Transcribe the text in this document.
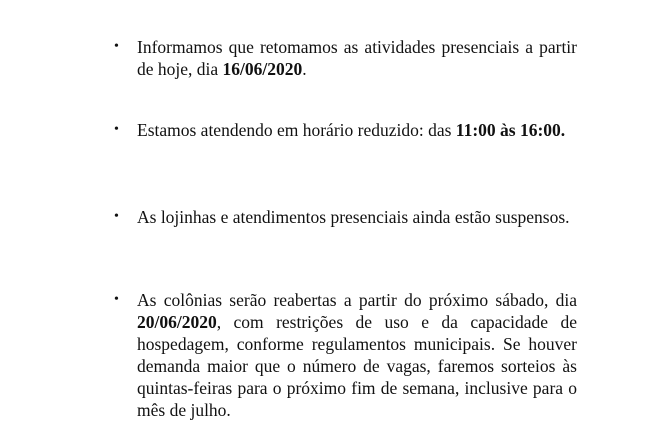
• Informamos que retomamos as atividades presenciais a partir de hoje, dia 16/06/2020.
• Estamos atendendo em horário reduzido: das 11:00 às 16:00.
• As lojinhas e atendimentos presenciais ainda estão suspensos.
• As colônias serão reabertas a partir do próximo sábado, dia 20/06/2020, com restrições de uso e da capacidade de hospedagem, conforme regulamentos municipais. Se houver demanda maior que o número de vagas, faremos sorteios às quintas-feiras para o próximo fim de semana, inclusive para o mês de julho.
